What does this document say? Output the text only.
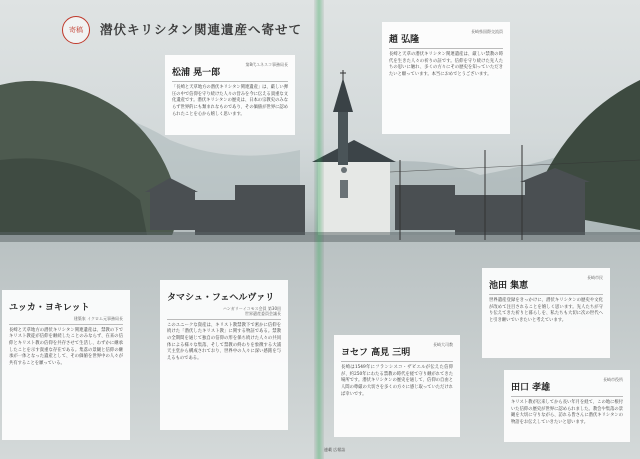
寄稿	潜伏キリシタン関連遺産へ寄せて
松浦 晃一郎
第8代ユネスコ事務局長
「長崎と天草地方の潜伏キリシタン関連遺産」は、厳しい弾圧の中で信仰を守り続けた人々の営みを今に伝える貴重な文化遺産です。潜伏キリシタンの歴史は、日本の宗教史のみならず世界的にも類まれなものであり、その価値が世界に認められたことを心から嬉しく思います。
ユッカ・ヨキレット
建築家 イクロム元事務局長
長崎と天草地方の潜伏キリシタン関連遺産は、禁教の下でキリスト教徒が信仰を継続したことのみならず、在来の信仰とキリスト教の信仰を共存させて生活し、わずかに継承したことを示す貴重な存在である。集落の景観と信仰の継承が一体となった遺産として、その価値を世界中の人々が共有することを願っている。
タマシュ・フェヘルヴァリ
ハンガリーイコモス会員 第30回世界遺産委員会議長
このユニークな資産は、キリスト教禁教下で密かに信仰を続けた「潜伏したキリスト教」に関する物証である。禁教の全期間を通じて独自の信仰の形を保ち続けた人々の共同体による様々な集落、そして禁教の終わりを象徴する大浦天主堂から構成されており、世界中の人々に深い感銘を与えるものである。
趙 弘隆
長崎県国際交流員
長崎と天草の潜伏キリシタン関連遺産は、厳しい禁教の時代を生きた人々の祈りの証です。信仰を守り続けた先人たちの思いに触れ、多くの方々にその歴史を知っていただきたいと願っています。本当におめでとうございます。
池田 集恵
長崎市民
世界遺産登録をきっかけに、潜伏キリシタンの歴史や文化が改めて注目されることを嬉しく思います。先人たちが守り伝えてきた祈りと暮らしを、私たちも大切に次の世代へと引き継いでいきたいと考えています。
ヨセフ 高見 三明
長崎大司教
長崎は1549年にフランシスコ・ザビエルが伝えた信仰が、約250年にわたる禁教の時代を経て守り継がれてきた場所です。潜伏キリシタンの歴史を通して、信仰の自由と人間の尊厳の大切さを多くの方々に感じ取っていただければ幸いです。
田口 孝雄
長崎市役所
キリスト教が伝来してから長い年月を経て、この地に根付いた信仰の歴史が世界に認められました。教会や集落の景観を大切に守りながら、訪れる皆さんに潜伏キリシタンの物語をお伝えしていきたいと思います。
連載 広報誌
